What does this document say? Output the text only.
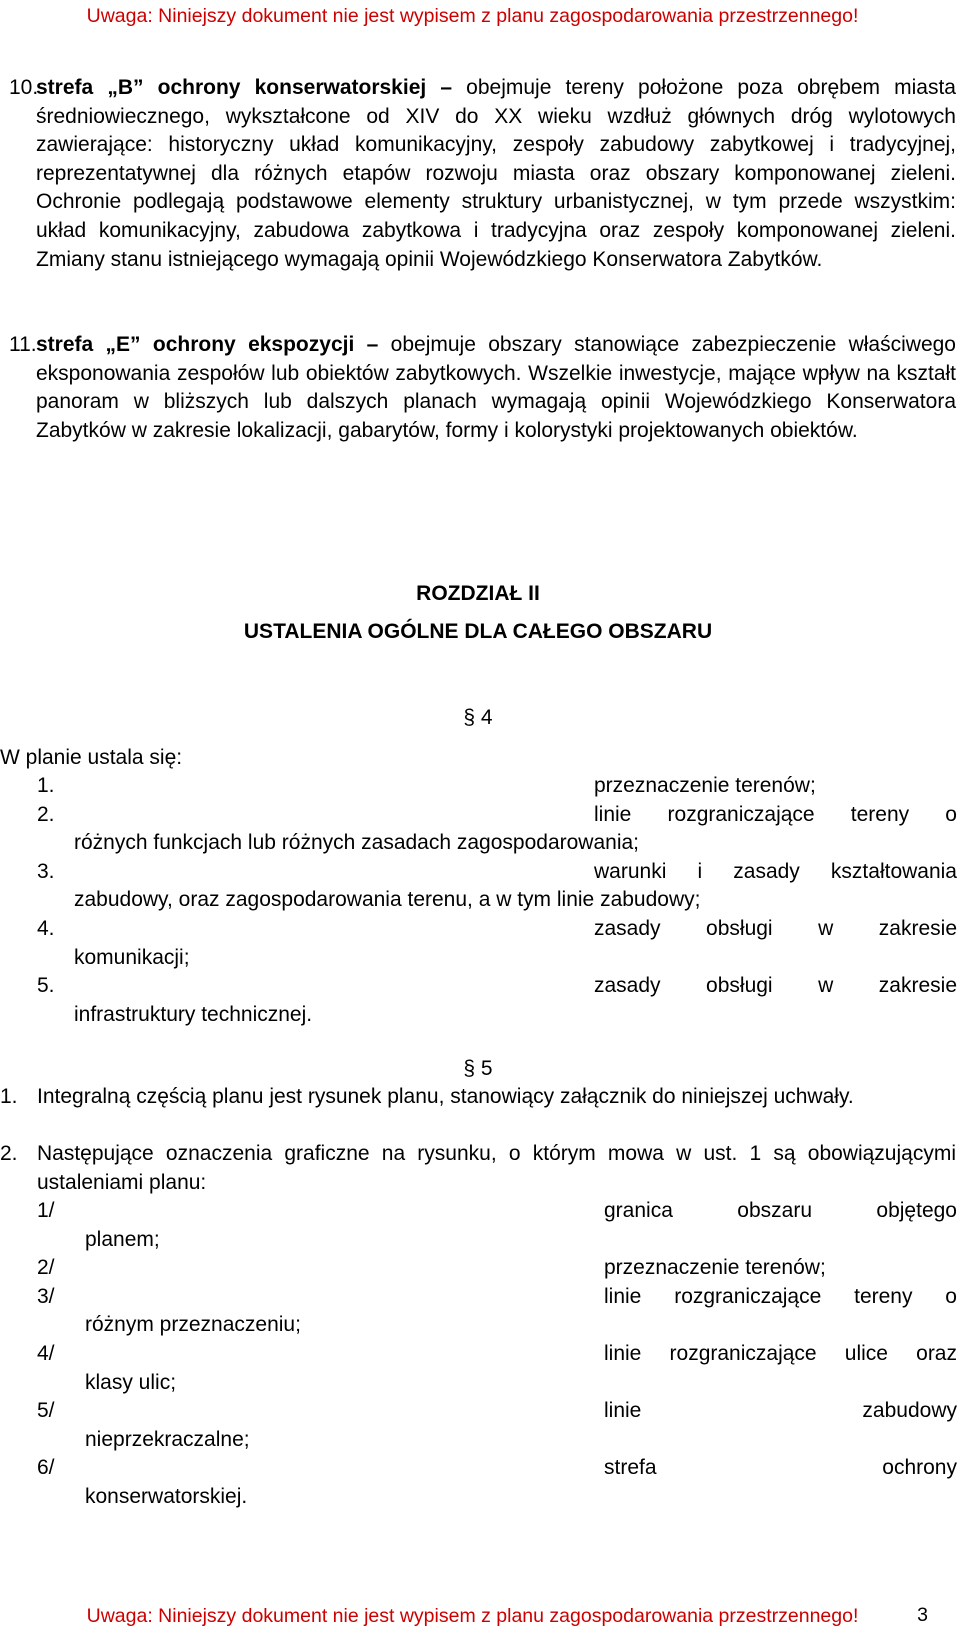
Uwaga: Niniejszy dokument nie jest wypisem z planu zagospodarowania przestrzennego!
10.
strefa „B” ochrony konserwatorskiej – obejmuje tereny położone poza obrębem miasta średniowiecznego, wykształcone od XIV do XX wieku wzdłuż głównych dróg wylotowych zawierające: historyczny układ komunikacyjny, zespoły zabudowy zabytkowej i tradycyjnej, reprezentatywnej dla różnych etapów rozwoju miasta oraz obszary komponowanej zieleni. Ochronie podlegają podstawowe elementy struktury urbanistycznej, w tym przede wszystkim: układ komunikacyjny, zabudowa zabytkowa i tradycyjna oraz zespoły komponowanej zieleni. Zmiany stanu istniejącego wymagają opinii Wojewódzkiego Konserwatora Zabytków.
11. strefa „E” ochrony ekspozycji – obejmuje obszary stanowiące zabezpieczenie właściwego eksponowania zespołów lub obiektów zabytkowych. Wszelkie inwestycje, mające wpływ na kształt panoram w bliższych lub dalszych planach wymagają opinii Wojewódzkiego Konserwatora Zabytków w zakresie lokalizacji, gabarytów, formy i kolorystyki projektowanych obiektów.
ROZDZIAŁ II
USTALENIA OGÓLNE DLA CAŁEGO OBSZARU
§ 4
W planie ustala się:
1.	przeznaczenie terenów;
2.	linie rozgraniczające tereny o
różnych funkcjach lub różnych zasadach zagospodarowania;
3.	warunki i zasady kształtowania
zabudowy, oraz zagospodarowania terenu, a w tym linie zabudowy;
4.	zasady obsługi w zakresie
komunikacji;
5.	zasady obsługi w zakresie
infrastruktury technicznej.
§ 5
1. Integralną częścią planu jest rysunek planu, stanowiący załącznik do niniejszej uchwały.
2. Następujące oznaczenia graficzne na rysunku, o którym mowa w ust. 1 są obowiązującymi ustaleniami planu:
1/	granica obszaru objętego
planem;
2/	przeznaczenie terenów;
3/	linie rozgraniczające tereny o
różnym przeznaczeniu;
4/	linie rozgraniczające ulice oraz
klasy ulic;
5/	linie zabudowy
nieprzekraczalne;
6/	strefa ochrony
konserwatorskiej.
Uwaga: Niniejszy dokument nie jest wypisem z planu zagospodarowania przestrzennego!	3
